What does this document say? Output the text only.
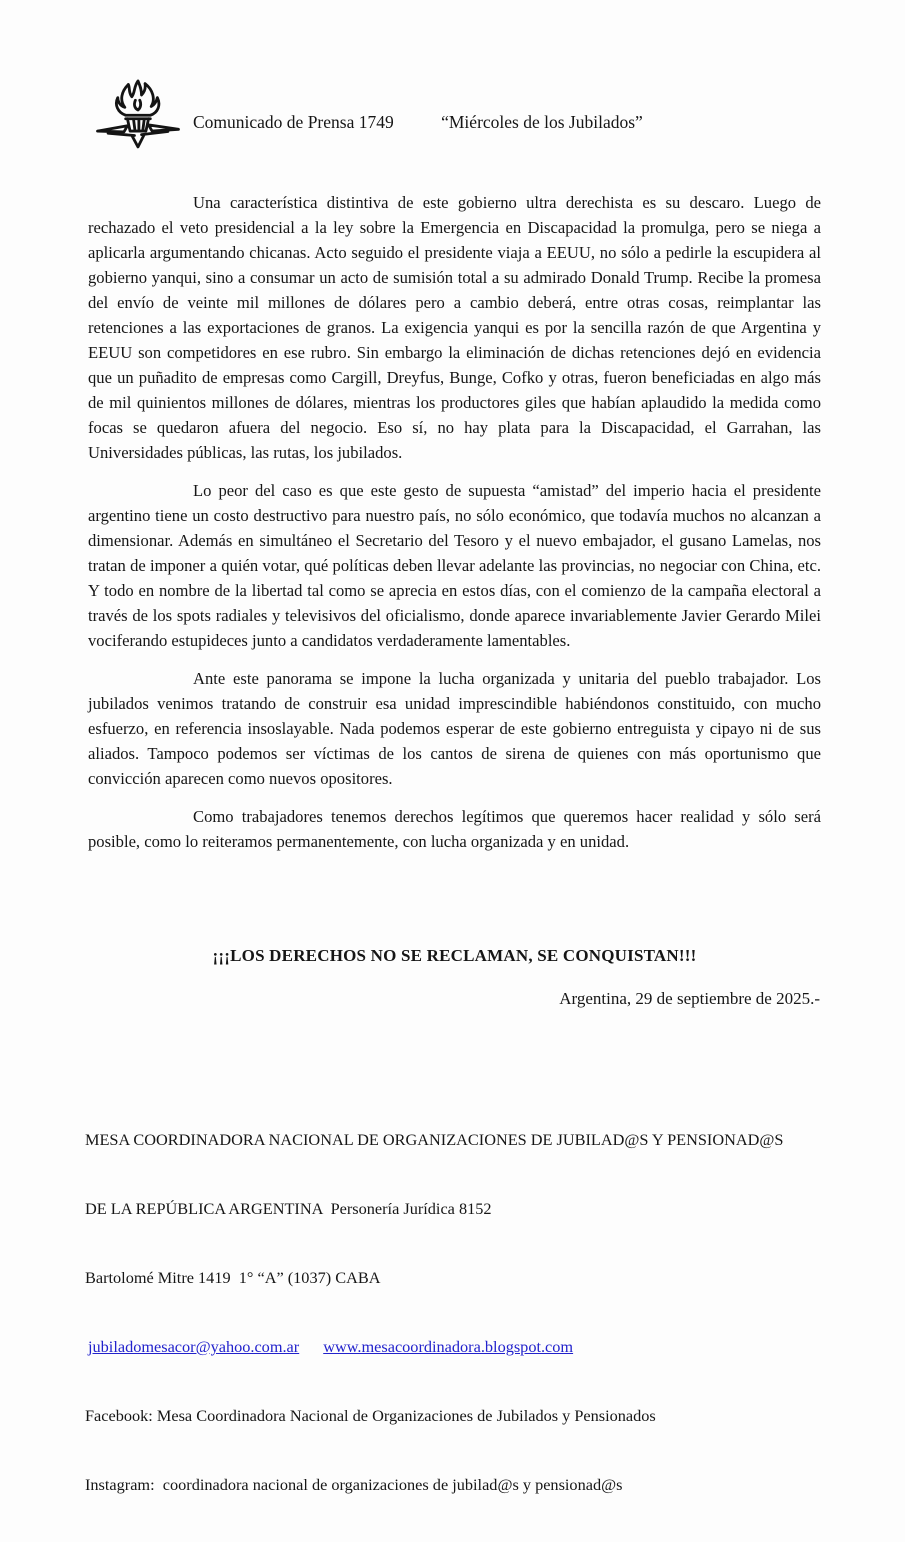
Comunicado de Prensa 1749	“Miércoles de los Jubilados”

Una característica distintiva de este gobierno ultra derechista es su descaro. Luego de rechazado el veto presidencial a la ley sobre la Emergencia en Discapacidad la promulga, pero se niega a aplicarla argumentando chicanas. Acto seguido el presidente viaja a EEUU, no sólo a pedirle la escupidera al gobierno yanqui, sino a consumar un acto de sumisión total a su admirado Donald Trump. Recibe la promesa del envío de veinte mil millones de dólares pero a cambio deberá, entre otras cosas, reimplantar las retenciones a las exportaciones de granos. La exigencia yanqui es por la sencilla razón de que Argentina y EEUU son competidores en ese rubro. Sin embargo la eliminación de dichas retenciones dejó en evidencia que un puñadito de empresas como Cargill, Dreyfus, Bunge, Cofko y otras, fueron beneficiadas en algo más de mil quinientos millones de dólares, mientras los productores giles que habían aplaudido la medida como focas se quedaron afuera del negocio. Eso sí, no hay plata para la Discapacidad, el Garrahan, las Universidades públicas, las rutas, los jubilados.

Lo peor del caso es que este gesto de supuesta “amistad” del imperio hacia el presidente argentino tiene un costo destructivo para nuestro país, no sólo económico, que todavía muchos no alcanzan a dimensionar. Además en simultáneo el Secretario del Tesoro y el nuevo embajador, el gusano Lamelas, nos tratan de imponer a quién votar, qué políticas deben llevar adelante las provincias, no negociar con China, etc. Y todo en nombre de la libertad tal como se aprecia en estos días, con el comienzo de la campaña electoral a través de los spots radiales y televisivos del oficialismo, donde aparece invariablemente Javier Gerardo Milei vociferando estupideces junto a candidatos verdaderamente lamentables.

Ante este panorama se impone la lucha organizada y unitaria del pueblo trabajador. Los jubilados venimos tratando de construir esa unidad imprescindible habiéndonos constituido, con mucho esfuerzo, en referencia insoslayable. Nada podemos esperar de este gobierno entreguista y cipayo ni de sus aliados. Tampoco podemos ser víctimas de los cantos de sirena de quienes con más oportunismo que convicción aparecen como nuevos opositores.

Como trabajadores tenemos derechos legítimos que queremos hacer realidad y sólo será posible, como lo reiteramos permanentemente, con lucha organizada y en unidad.

¡¡¡LOS DERECHOS NO SE RECLAMAN, SE CONQUISTAN!!!
Argentina, 29 de septiembre de 2025.-

MESA COORDINADORA NACIONAL DE ORGANIZACIONES DE JUBILAD@S Y PENSIONAD@S

DE LA REPÚBLICA ARGENTINA  Personería Jurídica 8152

Bartolomé Mitre 1419  1° “A” (1037) CABA

jubiladomesacor@yahoo.com.ar www.mesacoordinadora.blogspot.com

Facebook: Mesa Coordinadora Nacional de Organizaciones de Jubilados y Pensionados

Instagram:  coordinadora nacional de organizaciones de jubilad@s y pensionad@s
